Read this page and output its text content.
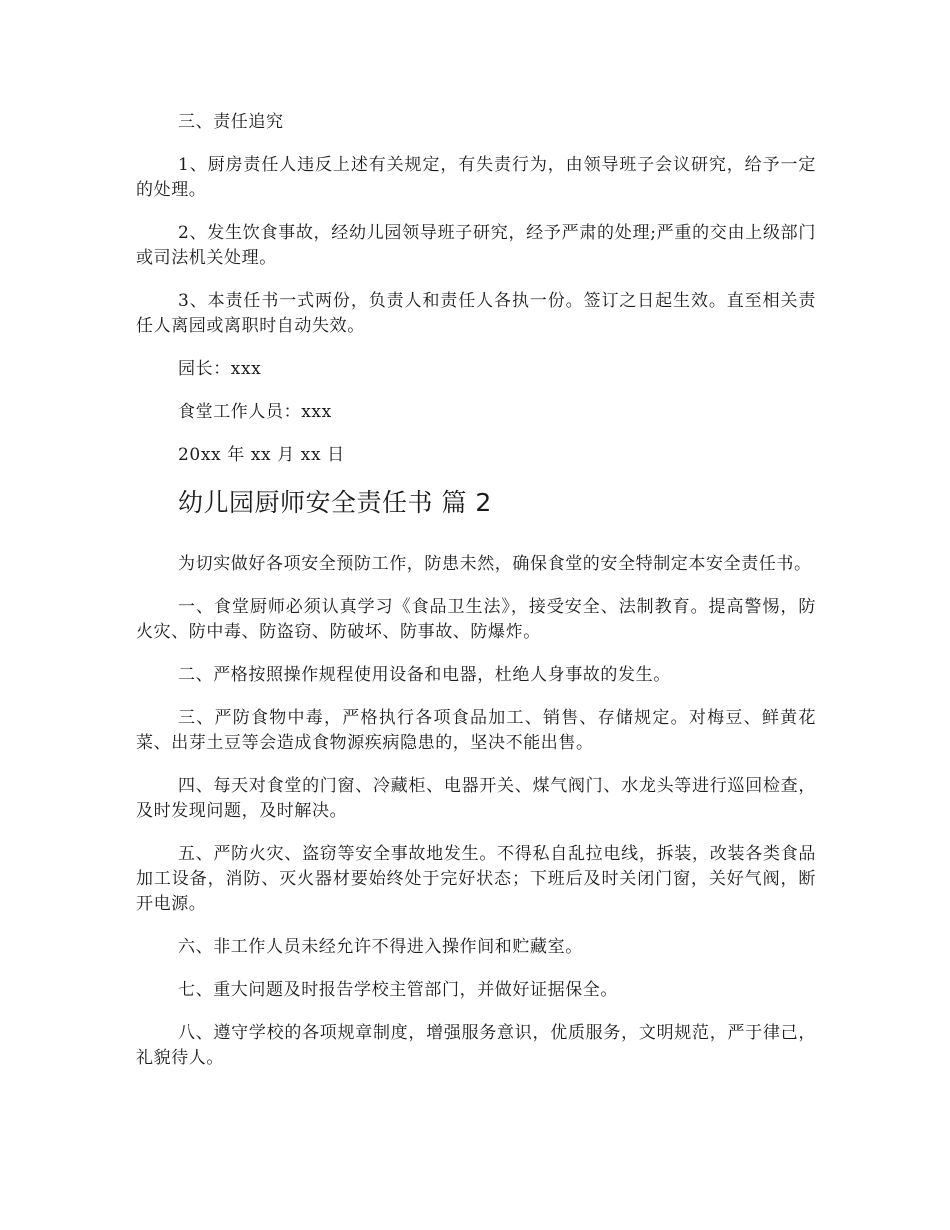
三、责任追究

1、厨房责任人违反上述有关规定，有失责行为，由领导班子会议研究，给予一定的处理。

2、发生饮食事故，经幼儿园领导班子研究，经予严肃的处理;严重的交由上级部门或司法机关处理。

3、本责任书一式两份，负责人和责任人各执一份。签订之日起生效。直至相关责任人离园或离职时自动失效。

园长：xxx

食堂工作人员：xxx

20xx 年 xx 月 xx 日

幼儿园厨师安全责任书 篇 2

为切实做好各项安全预防工作，防患未然，确保食堂的安全特制定本安全责任书。

一、食堂厨师必须认真学习《食品卫生法》，接受安全、法制教育。提高警惕，防火灾、防中毒、防盗窃、防破坏、防事故、防爆炸。

二、严格按照操作规程使用设备和电器，杜绝人身事故的发生。

三、严防食物中毒，严格执行各项食品加工、销售、存储规定。对梅豆、鲜黄花菜、出芽土豆等会造成食物源疾病隐患的，坚决不能出售。

四、每天对食堂的门窗、冷藏柜、电器开关、煤气阀门、水龙头等进行巡回检查，及时发现问题，及时解决。

五、严防火灾、盗窃等安全事故地发生。不得私自乱拉电线，拆装，改装各类食品加工设备，消防、灭火器材要始终处于完好状态；下班后及时关闭门窗，关好气阀，断开电源。

六、非工作人员未经允许不得进入操作间和贮藏室。

七、重大问题及时报告学校主管部门，并做好证据保全。

八、遵守学校的各项规章制度，增强服务意识，优质服务，文明规范，严于律己，礼貌待人。
